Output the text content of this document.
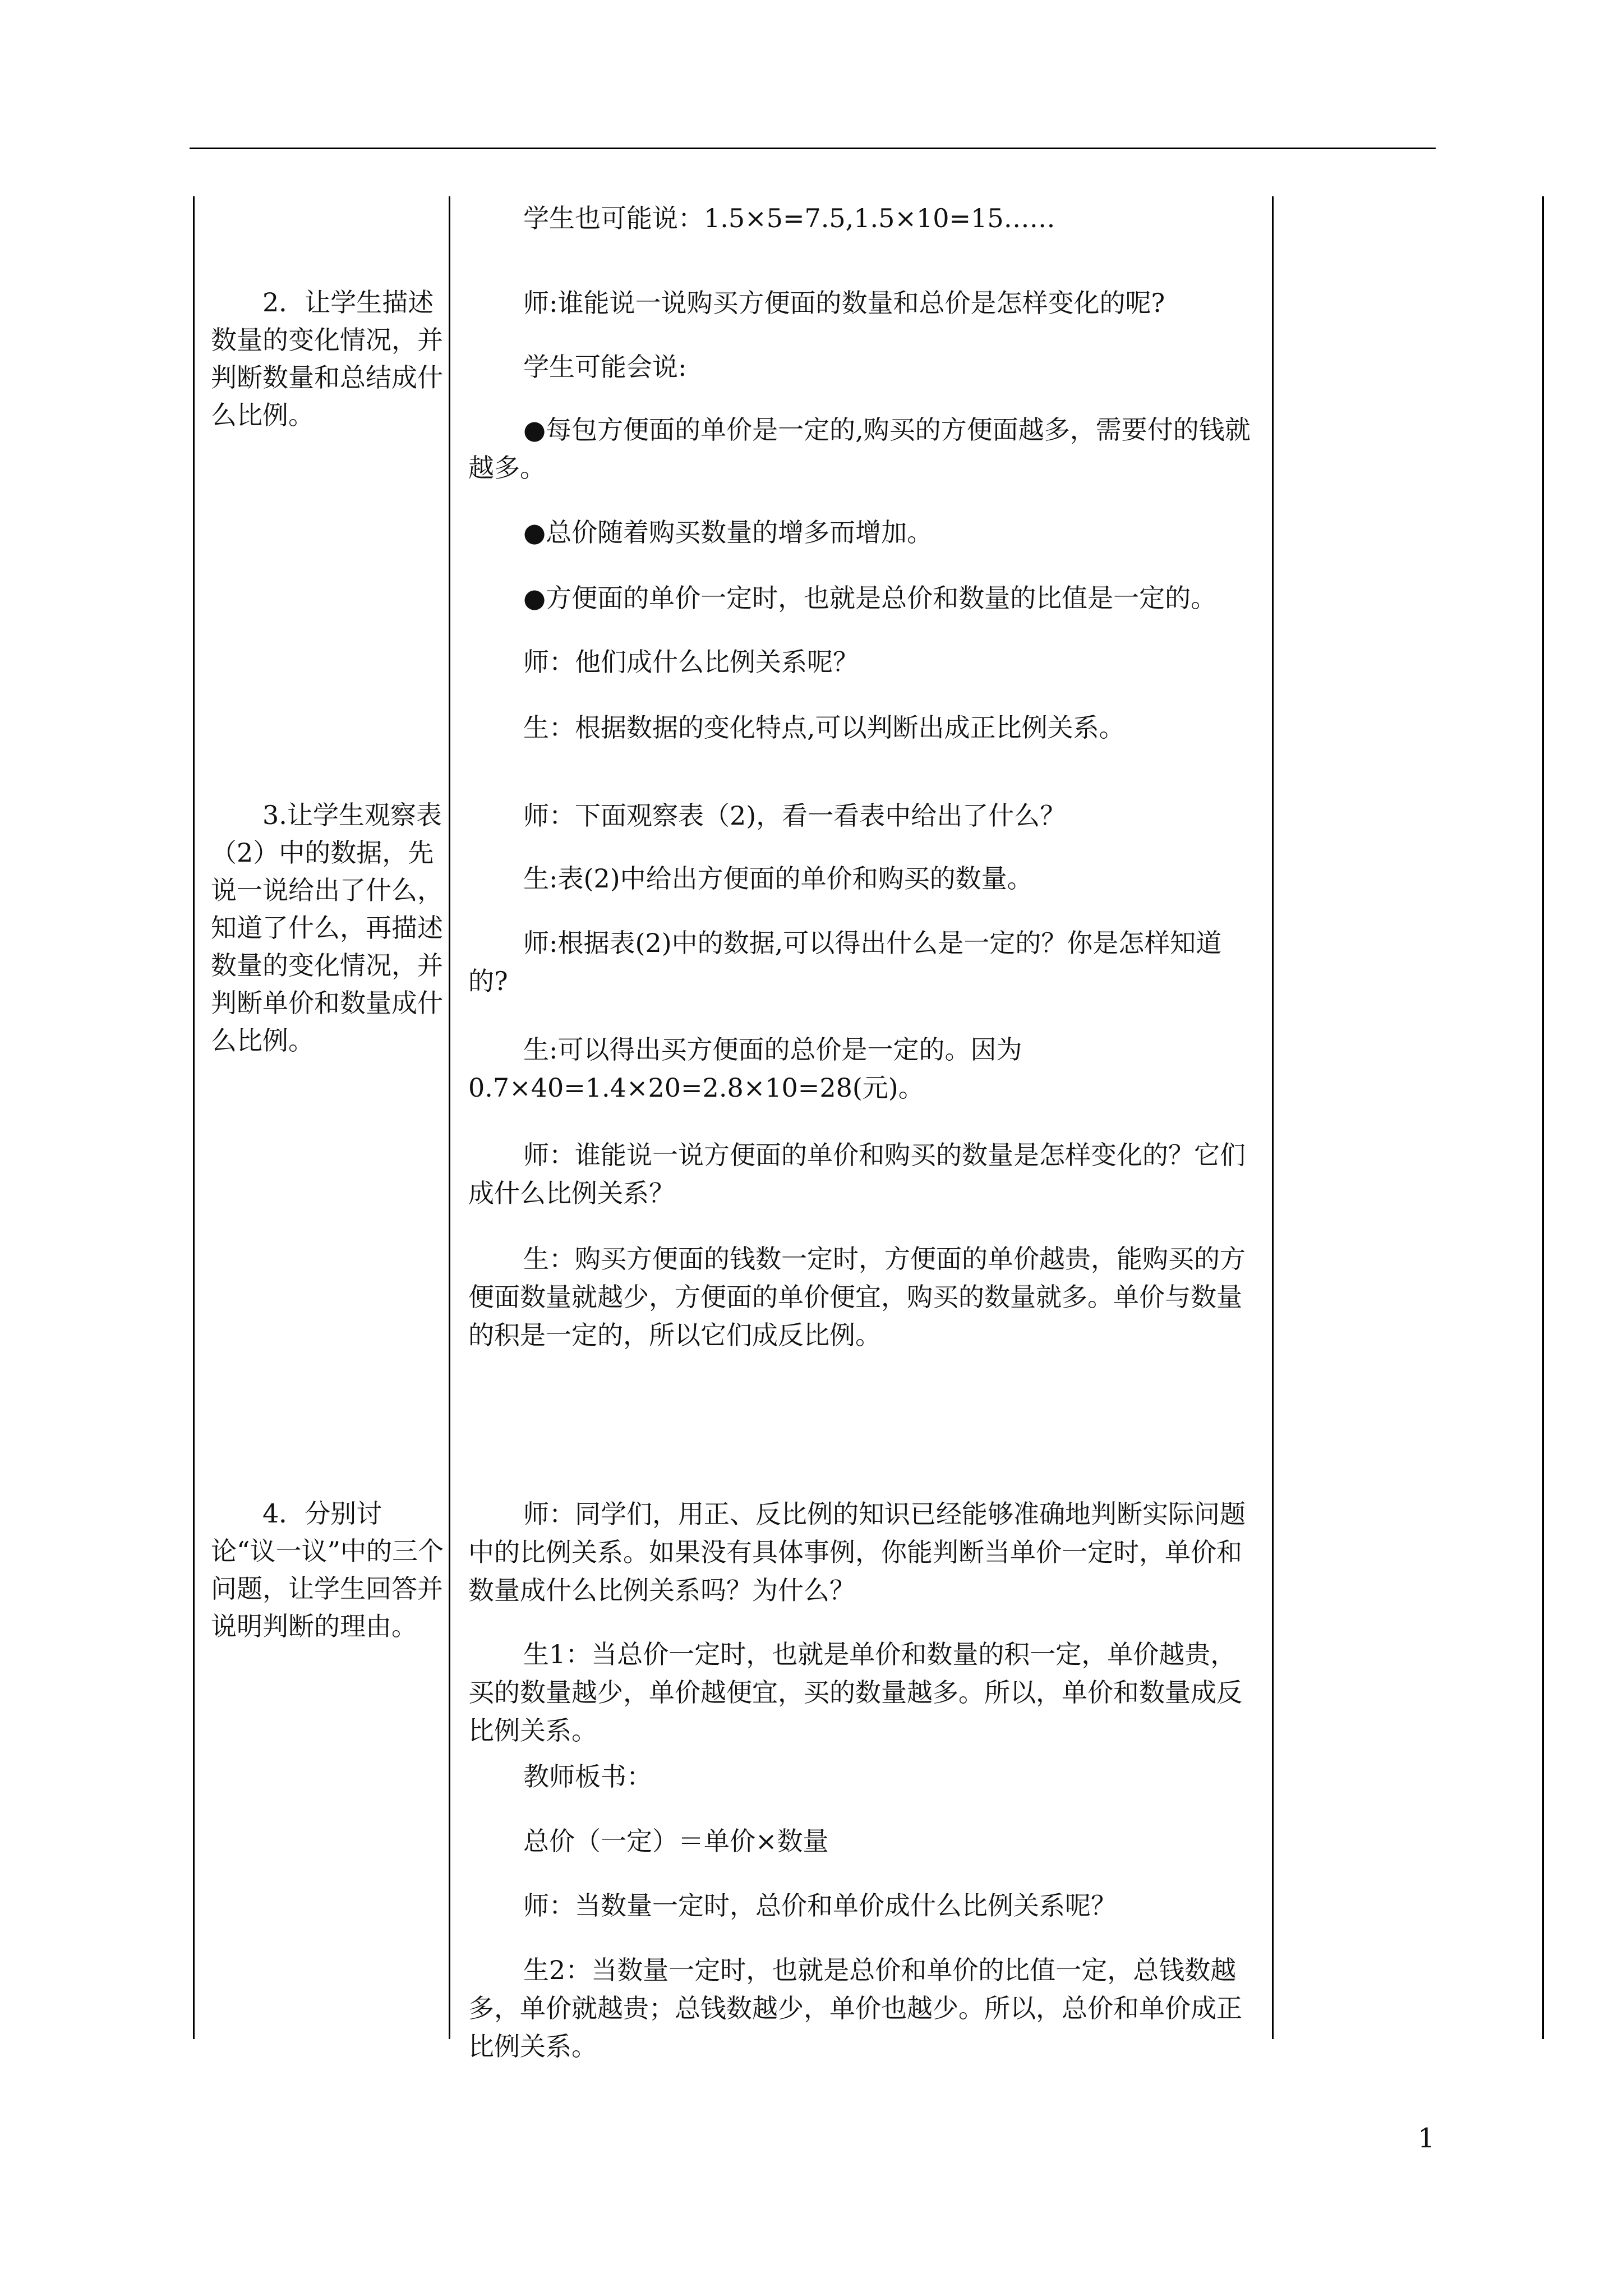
2．让学生描述数量的变化情况，并判断数量和总结成什么比例。

3.让学生观察表（2）中的数据，先说一说给出了什么，知道了什么，再描述数量的变化情况，并判断单价和数量成什么比例。

4．分别讨论“议一议”中的三个问题，让学生回答并说明判断的理由。

学生也可能说：1.5×5=7.5,1.5×10=15……

师:谁能说一说购买方便面的数量和总价是怎样变化的呢?

学生可能会说:

●每包方便面的单价是一定的,购买的方便面越多，需要付的钱就越多。

●总价随着购买数量的增多而增加。

●方便面的单价一定时，也就是总价和数量的比值是一定的。

师：他们成什么比例关系呢？

生：根据数据的变化特点,可以判断出成正比例关系。

师：下面观察表（2)，看一看表中给出了什么？

生:表(2)中给出方便面的单价和购买的数量。

师:根据表(2)中的数据,可以得出什么是一定的？你是怎样知道的?

生:可以得出买方便面的总价是一定的。因为0.7×40=1.4×20=2.8×10=28(元)。

师：谁能说一说方便面的单价和购买的数量是怎样变化的？它们成什么比例关系？

生：购买方便面的钱数一定时，方便面的单价越贵，能购买的方便面数量就越少，方便面的单价便宜，购买的数量就多。单价与数量的积是一定的，所以它们成反比例。

师：同学们，用正、反比例的知识已经能够准确地判断实际问题中的比例关系。如果没有具体事例，你能判断当单价一定时，单价和数量成什么比例关系吗？为什么？

生1：当总价一定时，也就是单价和数量的积一定，单价越贵，买的数量越少，单价越便宜，买的数量越多。所以，单价和数量成反比例关系。

教师板书：

总价（一定）＝单价×数量

师：当数量一定时，总价和单价成什么比例关系呢？

生2：当数量一定时，也就是总价和单价的比值一定，总钱数越多，单价就越贵；总钱数越少，单价也越少。所以，总价和单价成正比例关系。

1
